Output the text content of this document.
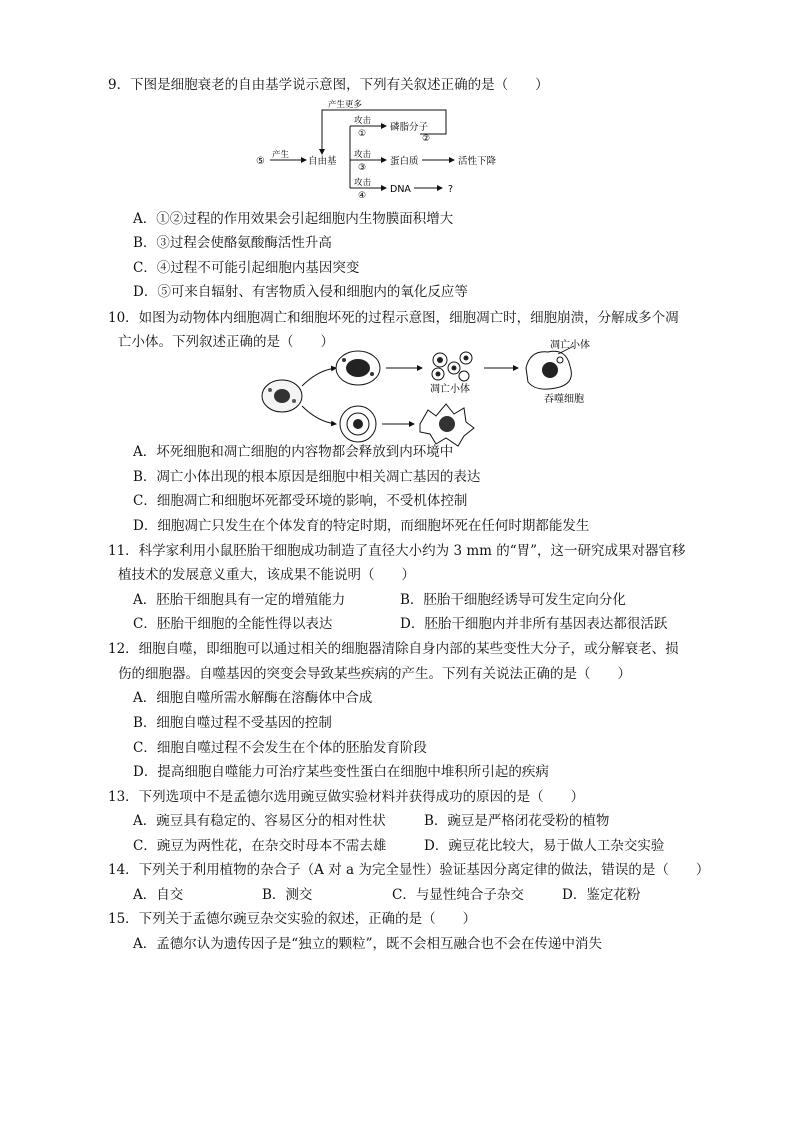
9．下图是细胞衰老的自由基学说示意图，下列有关叙述正确的是（　　）
产生更多
⑤
产生
自由基
攻击
①
磷脂分子
②
攻击
③
蛋白质	活性下降
攻击
④
DNA	?
A．①②过程的作用效果会引起细胞内生物膜面积增大
B．③过程会使酪氨酸酶活性升高
C．④过程不可能引起细胞内基因突变
D．⑤可来自辐射、有害物质入侵和细胞内的氧化反应等
10．如图为动物体内细胞凋亡和细胞坏死的过程示意图，细胞凋亡时，细胞崩溃，分解成多个凋
亡小体。下列叙述正确的是（　　）
凋亡小体
凋亡小体
吞噬细胞
A．坏死细胞和凋亡细胞的内容物都会释放到内环境中
B．凋亡小体出现的根本原因是细胞中相关凋亡基因的表达
C．细胞凋亡和细胞坏死都受环境的影响，不受机体控制
D．细胞凋亡只发生在个体发育的特定时期，而细胞坏死在任何时期都能发生
11．科学家利用小鼠胚胎干细胞成功制造了直径大小约为 3 mm 的“胃”，这一研究成果对器官移
植技术的发展意义重大，该成果不能说明（　　）
A．胚胎干细胞具有一定的增殖能力	B．胚胎干细胞经诱导可发生定向分化
C．胚胎干细胞的全能性得以表达	D．胚胎干细胞内并非所有基因表达都很活跃
12．细胞自噬，即细胞可以通过相关的细胞器清除自身内部的某些变性大分子，或分解衰老、损
伤的细胞器。自噬基因的突变会导致某些疾病的产生。下列有关说法正确的是（　　）
A．细胞自噬所需水解酶在溶酶体中合成
B．细胞自噬过程不受基因的控制
C．细胞自噬过程不会发生在个体的胚胎发育阶段
D．提高细胞自噬能力可治疗某些变性蛋白在细胞中堆积所引起的疾病
13．下列选项中不是孟德尔选用豌豆做实验材料并获得成功的原因的是（　　）
A．豌豆具有稳定的、容易区分的相对性状	B．豌豆是严格闭花受粉的植物
C．豌豆为两性花，在杂交时母本不需去雄	D．豌豆花比较大，易于做人工杂交实验
14．下列关于利用植物的杂合子（A 对 a 为完全显性）验证基因分离定律的做法，错误的是（　　）
A．自交	B．测交	C．与显性纯合子杂交	D．鉴定花粉
15．下列关于孟德尔豌豆杂交实验的叙述，正确的是（　　）
A．孟德尔认为遗传因子是“独立的颗粒”，既不会相互融合也不会在传递中消失
